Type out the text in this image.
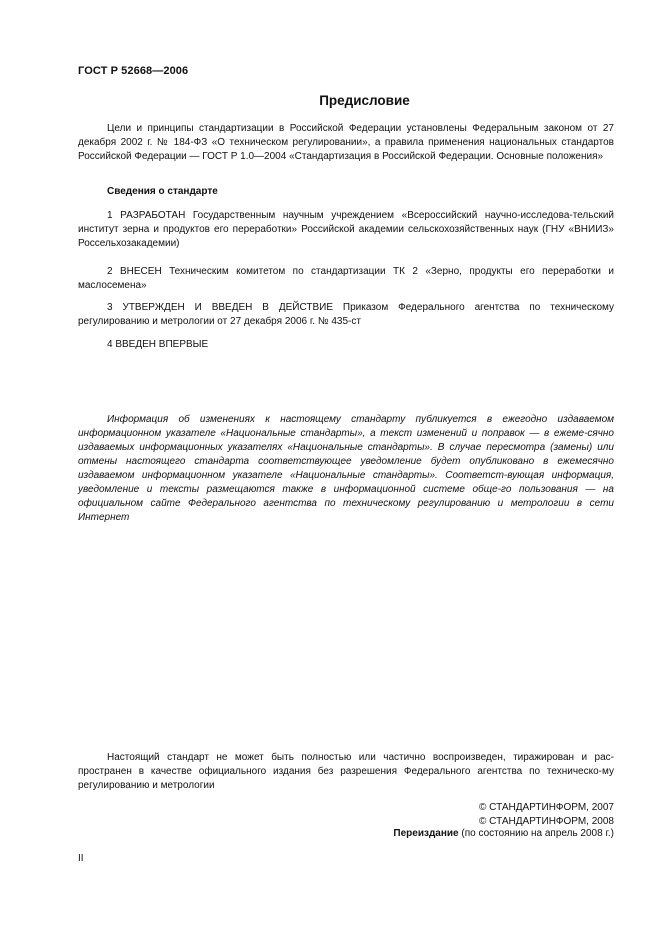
ГОСТ Р 52668—2006
Предисловие

Цели и принципы стандартизации в Российской Федерации установлены Федеральным законом от 27 декабря 2002 г. № 184-ФЗ «О техническом регулировании», а правила применения национальных стандартов Российской Федерации — ГОСТ Р 1.0—2004 «Стандартизация в Российской Федерации. Основные положения»

Сведения о стандарте

1 РАЗРАБОТАН Государственным научным учреждением «Всероссийский научно-исследова-тельский институт зерна и продуктов его переработки» Российской академии сельскохозяйственных наук (ГНУ «ВНИИЗ» Россельхозакадемии)

2 ВНЕСЕН Техническим комитетом по стандартизации ТК 2 «Зерно, продукты его переработки и маслосемена»

3 УТВЕРЖДЕН И ВВЕДЕН В ДЕЙСТВИЕ Приказом Федерального агентства по техническому регулированию и метрологии от 27 декабря 2006 г. № 435-ст

4 ВВЕДЕН ВПЕРВЫЕ

Информация об изменениях к настоящему стандарту публикуется в ежегодно издаваемом информационном указателе «Национальные стандарты», а текст изменений и поправок — в ежеме-сячно издаваемых информационных указателях «Национальные стандарты». В случае пересмотра (замены) или отмены настоящего стандарта соответствующее уведомление будет опубликовано в ежемесячно издаваемом информационном указателе «Национальные стандарты». Соответст-вующая информация, уведомление и тексты размещаются также в информационной системе обще-го пользования — на официальном сайте Федерального агентства по техническому регулированию и метрологии в сети Интернет

Настоящий стандарт не может быть полностью или частично воспроизведен, тиражирован и рас-пространен в качестве официального издания без разрешения Федерального агентства по техническо-му регулированию и метрологии

© СТАНДАРТИНФОРМ, 2007
© СТАНДАРТИНФОРМ, 2008
Переиздание (по состоянию на апрель 2008 г.)
II
